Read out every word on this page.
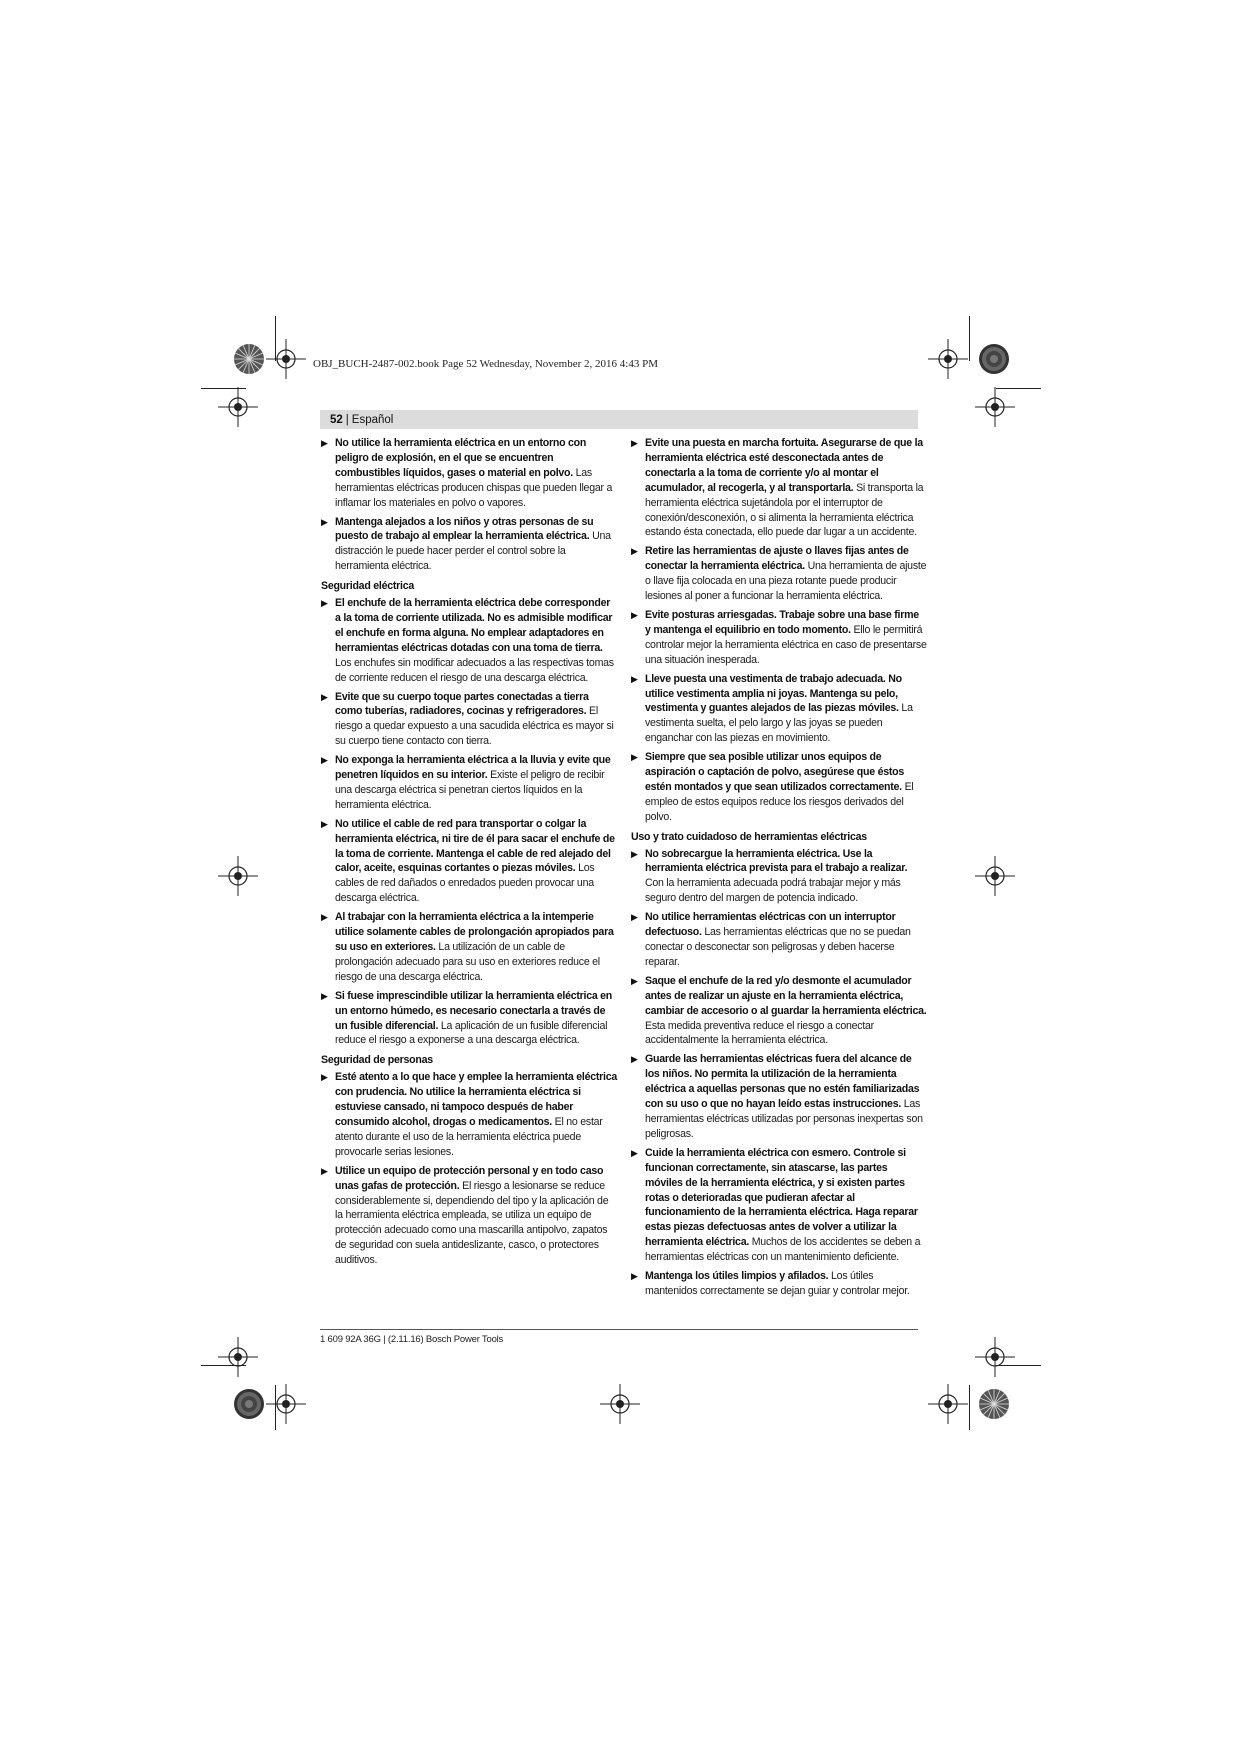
OBJ_BUCH-2487-002.book Page 52 Wednesday, November 2, 2016 4:43 PM
52 | Español
▶ No utilice la herramienta eléctrica en un entorno con peligro de explosión, en el que se encuentren combustibles líquidos, gases o material en polvo. Las herramientas eléctricas producen chispas que pueden llegar a inflamar los materiales en polvo o vapores.
▶ Mantenga alejados a los niños y otras personas de su puesto de trabajo al emplear la herramienta eléctrica. Una distracción le puede hacer perder el control sobre la herramienta eléctrica.
Seguridad eléctrica
▶ El enchufe de la herramienta eléctrica debe corresponder a la toma de corriente utilizada. No es admisible modificar el enchufe en forma alguna. No emplear adaptadores en herramientas eléctricas dotadas con una toma de tierra. Los enchufes sin modificar adecuados a las respectivas tomas de corriente reducen el riesgo de una descarga eléctrica.
▶ Evite que su cuerpo toque partes conectadas a tierra como tuberías, radiadores, cocinas y refrigeradores. El riesgo a quedar expuesto a una sacudida eléctrica es mayor si su cuerpo tiene contacto con tierra.
▶ No exponga la herramienta eléctrica a la lluvia y evite que penetren líquidos en su interior. Existe el peligro de recibir una descarga eléctrica si penetran ciertos líquidos en la herramienta eléctrica.
▶ No utilice el cable de red para transportar o colgar la herramienta eléctrica, ni tire de él para sacar el enchufe de la toma de corriente. Mantenga el cable de red alejado del calor, aceite, esquinas cortantes o piezas móviles. Los cables de red dañados o enredados pueden provocar una descarga eléctrica.
▶ Al trabajar con la herramienta eléctrica a la intemperie utilice solamente cables de prolongación apropiados para su uso en exteriores. La utilización de un cable de prolongación adecuado para su uso en exteriores reduce el riesgo de una descarga eléctrica.
▶ Si fuese imprescindible utilizar la herramienta eléctrica en un entorno húmedo, es necesario conectarla a través de un fusible diferencial. La aplicación de un fusible diferencial reduce el riesgo a exponerse a una descarga eléctrica.
Seguridad de personas
▶ Esté atento a lo que hace y emplee la herramienta eléctrica con prudencia. No utilice la herramienta eléctrica si estuviese cansado, ni tampoco después de haber consumido alcohol, drogas o medicamentos. El no estar atento durante el uso de la herramienta eléctrica puede provocarle serias lesiones.
▶ Utilice un equipo de protección personal y en todo caso unas gafas de protección. El riesgo a lesionarse se reduce considerablemente si, dependiendo del tipo y la aplicación de la herramienta eléctrica empleada, se utiliza un equipo de protección adecuado como una mascarilla antipolvo, zapatos de seguridad con suela antideslizante, casco, o protectores auditivos.
▶ Evite una puesta en marcha fortuita. Asegurarse de que la herramienta eléctrica esté desconectada antes de conectarla a la toma de corriente y/o al montar el acumulador, al recogerla, y al transportarla. Si transporta la herramienta eléctrica sujetándola por el interruptor de conexión/desconexión, o si alimenta la herramienta eléctrica estando ésta conectada, ello puede dar lugar a un accidente.
▶ Retire las herramientas de ajuste o llaves fijas antes de conectar la herramienta eléctrica. Una herramienta de ajuste o llave fija colocada en una pieza rotante puede producir lesiones al poner a funcionar la herramienta eléctrica.
▶ Evite posturas arriesgadas. Trabaje sobre una base firme y mantenga el equilibrio en todo momento. Ello le permitirá controlar mejor la herramienta eléctrica en caso de presentarse una situación inesperada.
▶ Lleve puesta una vestimenta de trabajo adecuada. No utilice vestimenta amplia ni joyas. Mantenga su pelo, vestimenta y guantes alejados de las piezas móviles. La vestimenta suelta, el pelo largo y las joyas se pueden enganchar con las piezas en movimiento.
▶ Siempre que sea posible utilizar unos equipos de aspiración o captación de polvo, asegúrese que éstos estén montados y que sean utilizados correctamente. El empleo de estos equipos reduce los riesgos derivados del polvo.
Uso y trato cuidadoso de herramientas eléctricas
▶ No sobrecargue la herramienta eléctrica. Use la herramienta eléctrica prevista para el trabajo a realizar. Con la herramienta adecuada podrá trabajar mejor y más seguro dentro del margen de potencia indicado.
▶ No utilice herramientas eléctricas con un interruptor defectuoso. Las herramientas eléctricas que no se puedan conectar o desconectar son peligrosas y deben hacerse reparar.
▶ Saque el enchufe de la red y/o desmonte el acumulador antes de realizar un ajuste en la herramienta eléctrica, cambiar de accesorio o al guardar la herramienta eléctrica. Esta medida preventiva reduce el riesgo a conectar accidentalmente la herramienta eléctrica.
▶ Guarde las herramientas eléctricas fuera del alcance de los niños. No permita la utilización de la herramienta eléctrica a aquellas personas que no estén familiarizadas con su uso o que no hayan leído estas instrucciones. Las herramientas eléctricas utilizadas por personas inexpertas son peligrosas.
▶ Cuide la herramienta eléctrica con esmero. Controle si funcionan correctamente, sin atascarse, las partes móviles de la herramienta eléctrica, y si existen partes rotas o deterioradas que pudieran afectar al funcionamiento de la herramienta eléctrica. Haga reparar estas piezas defectuosas antes de volver a utilizar la herramienta eléctrica. Muchos de los accidentes se deben a herramientas eléctricas con un mantenimiento deficiente.
▶ Mantenga los útiles limpios y afilados. Los útiles mantenidos correctamente se dejan guiar y controlar mejor.
1 609 92A 36G | (2.11.16) Bosch Power Tools
